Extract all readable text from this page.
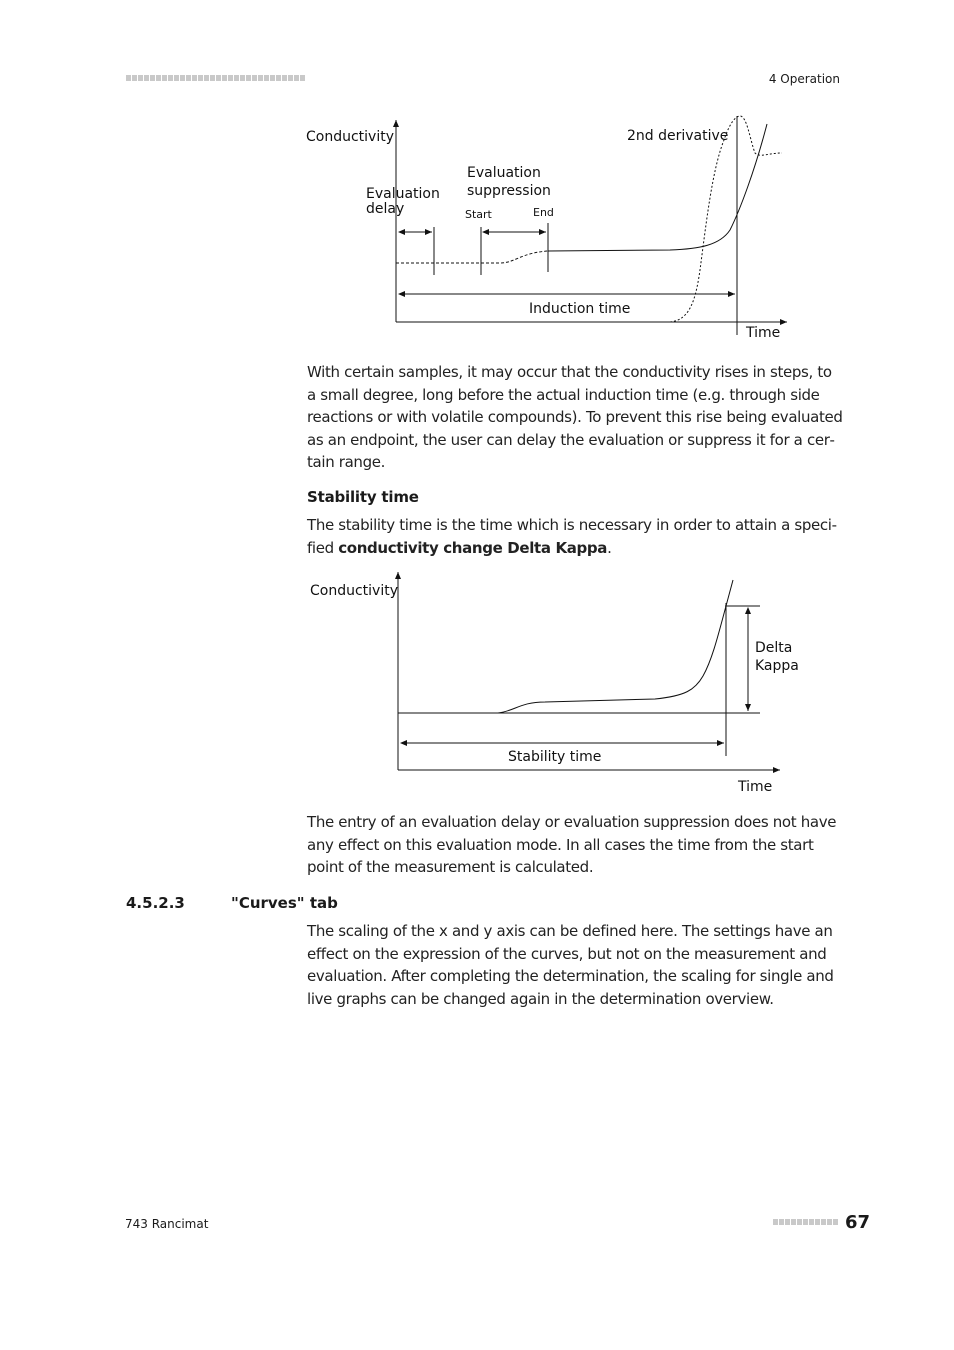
4 Operation
Conductivity
Time
2nd derivative
Evaluation
delay
Evaluation
suppression
Start	End
Induction time

With certain samples, it may occur that the conductivity rises in steps, to a small degree, long before the actual induction time (e.g. through side reactions or with volatile compounds). To prevent this rise being evaluated as an endpoint, the user can delay the evaluation or suppress it for a certain range.

Stability time

The stability time is the time which is necessary in order to attain a specified conductivity change Delta Kappa.

Conductivity
Time
Delta
Kappa
Stability time

The entry of an evaluation delay or evaluation suppression does not have any effect on this evaluation mode. In all cases the time from the start point of the measurement is calculated.

4.5.2.3	"Curves" tab

The scaling of the x and y axis can be defined here. The settings have an effect on the expression of the curves, but not on the measurement and evaluation. After completing the determination, the scaling for single and live graphs can be changed again in the determination overview.

743 Rancimat	67
